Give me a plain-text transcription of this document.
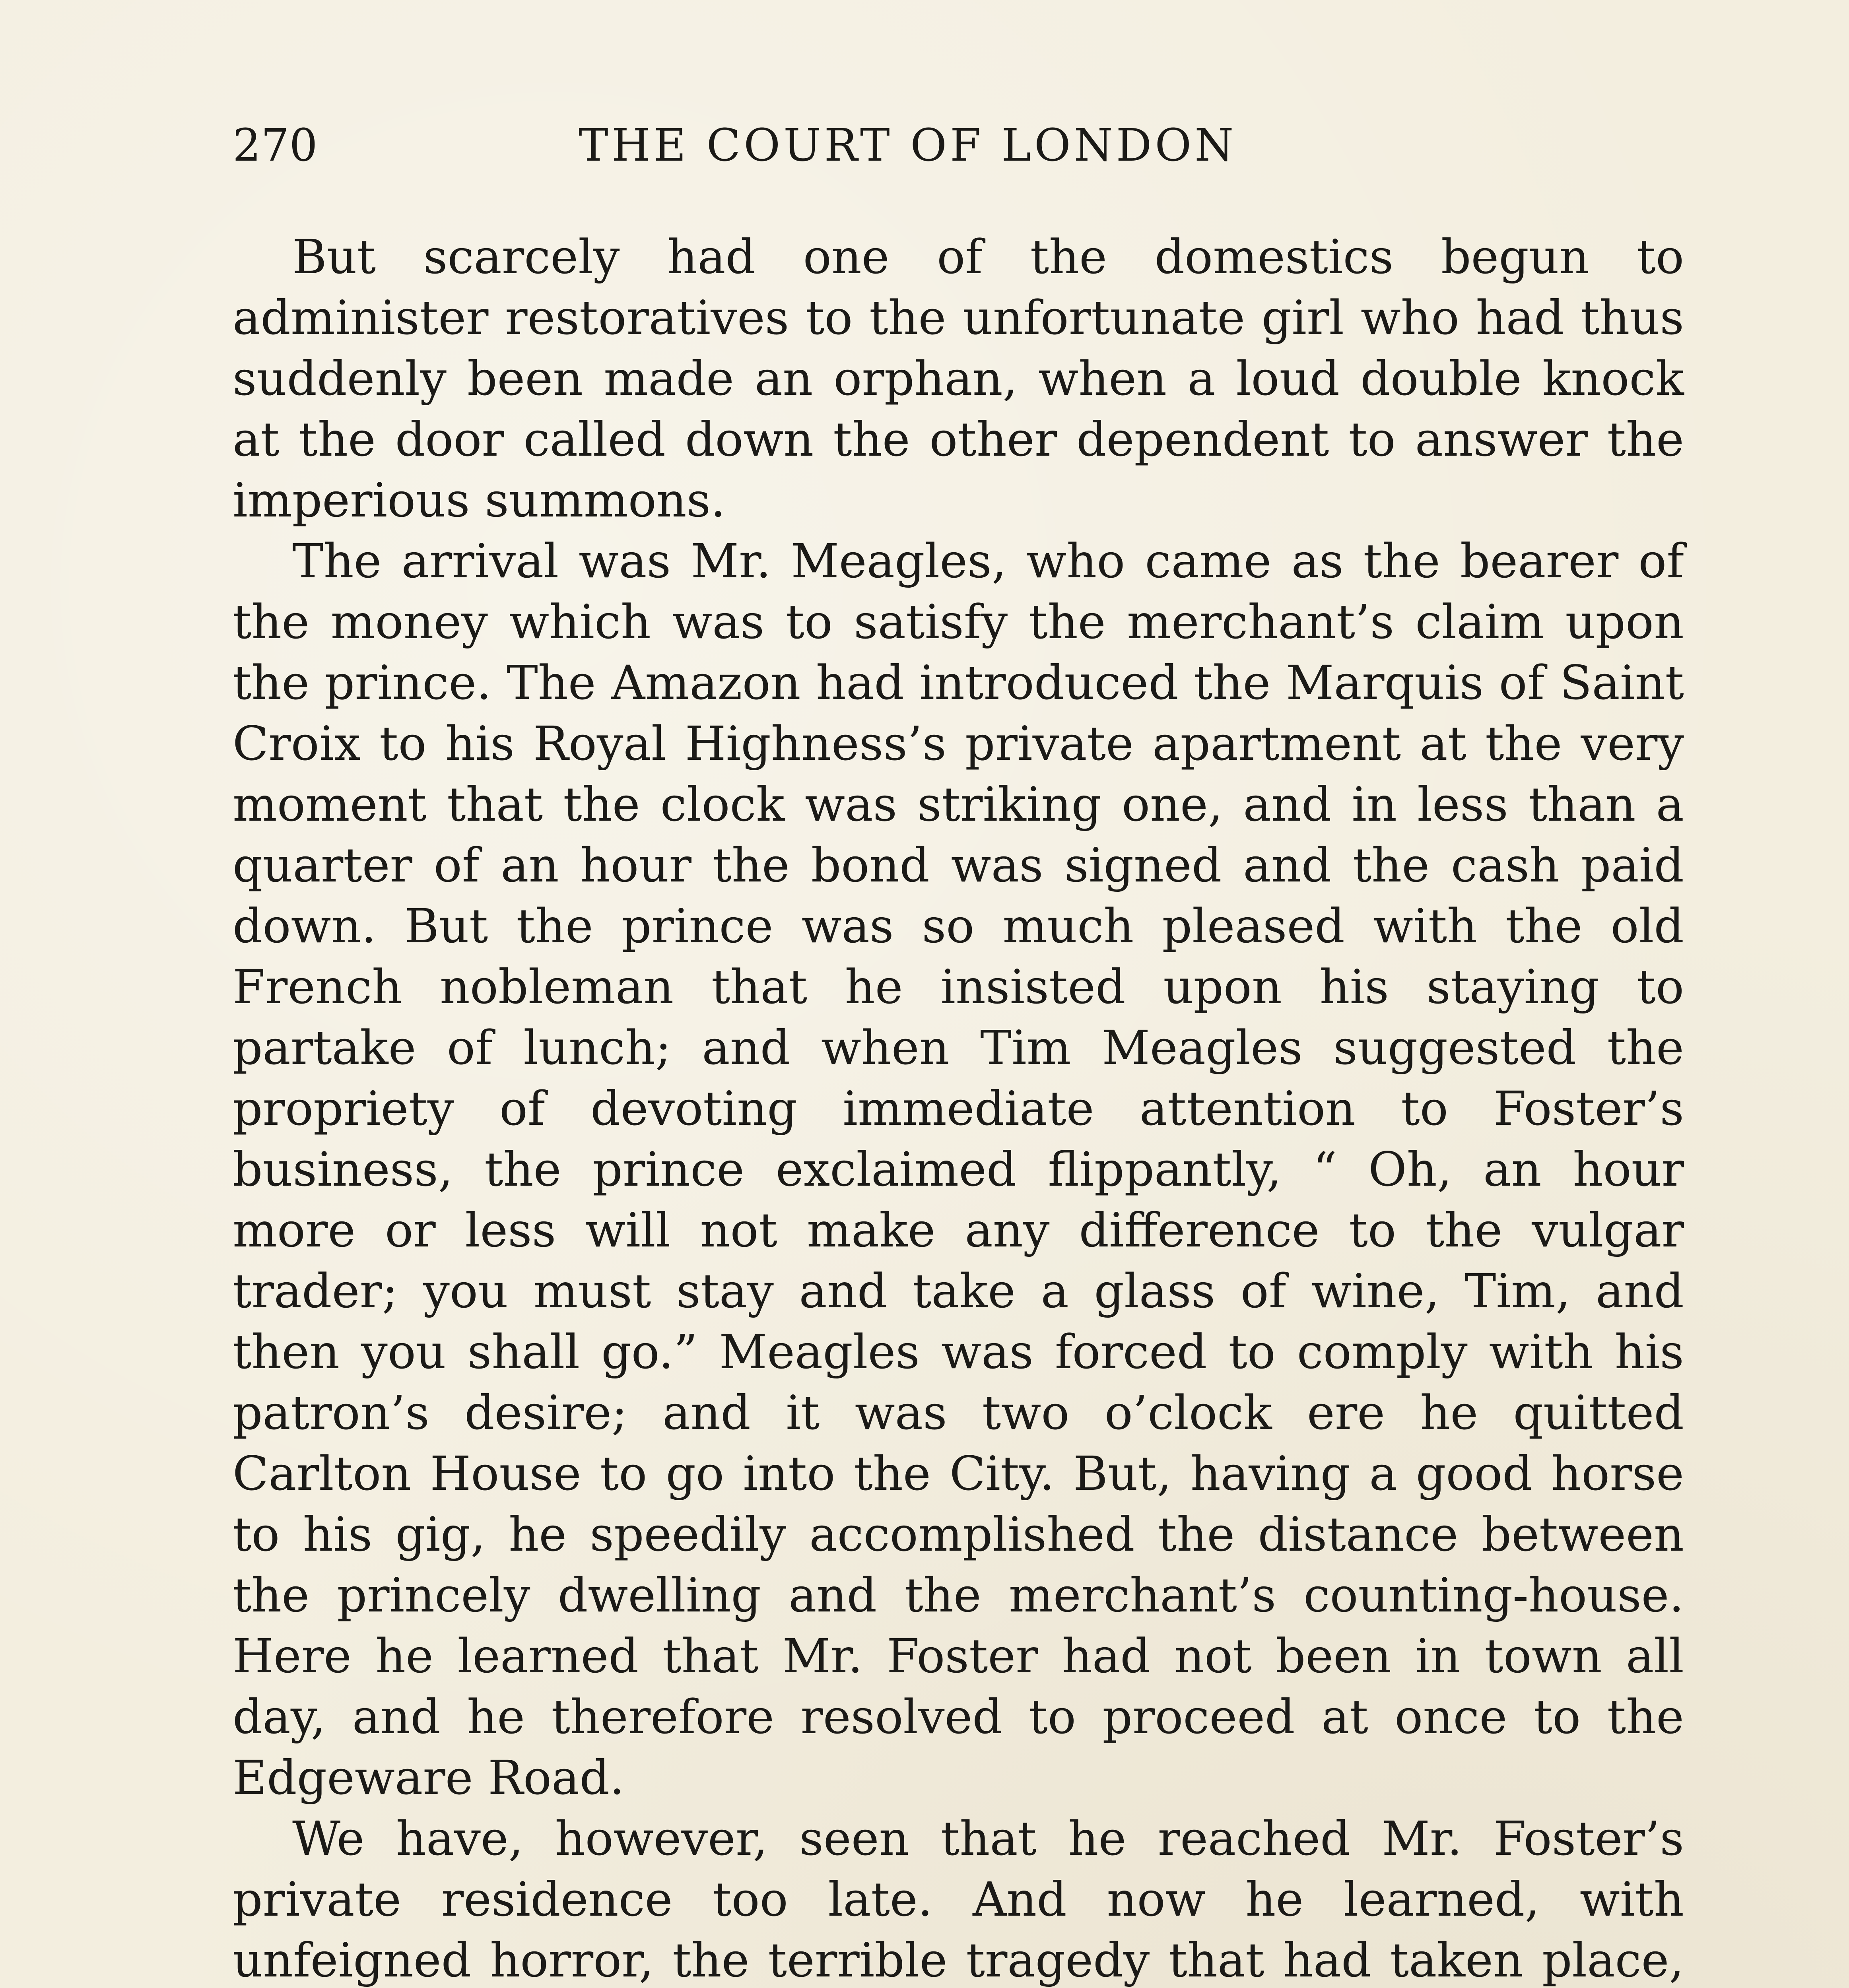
270	THE COURT OF LONDON

But scarcely had one of the domestics begun to administer restoratives to the unfortunate girl who had thus suddenly been made an orphan, when a loud double knock at the door called down the other dependent to answer the imperious summons.

The arrival was Mr. Meagles, who came as the bearer of the money which was to satisfy the merchant’s claim upon the prince. The Amazon had introduced the Marquis of Saint Croix to his Royal Highness’s private apartment at the very moment that the clock was striking one, and in less than a quarter of an hour the bond was signed and the cash paid down. But the prince was so much pleased with the old French nobleman that he insisted upon his staying to partake of lunch; and when Tim Meagles suggested the propriety of devoting immediate attention to Foster’s business, the prince exclaimed flippantly, “ Oh, an hour more or less will not make any difference to the vulgar trader; you must stay and take a glass of wine, Tim, and then you shall go.” Meagles was forced to comply with his patron’s desire; and it was two o’clock ere he quitted Carlton House to go into the City. But, having a good horse to his gig, he speedily accomplished the distance between the princely dwelling and the merchant’s counting-house. Here he learned that Mr. Foster had not been in town all day, and he therefore resolved to proceed at once to the Edgeware Road.

We have, however, seen that he reached Mr. Foster’s private residence too late. And now he learned, with unfeigned horror, the terrible tragedy that had taken place,
